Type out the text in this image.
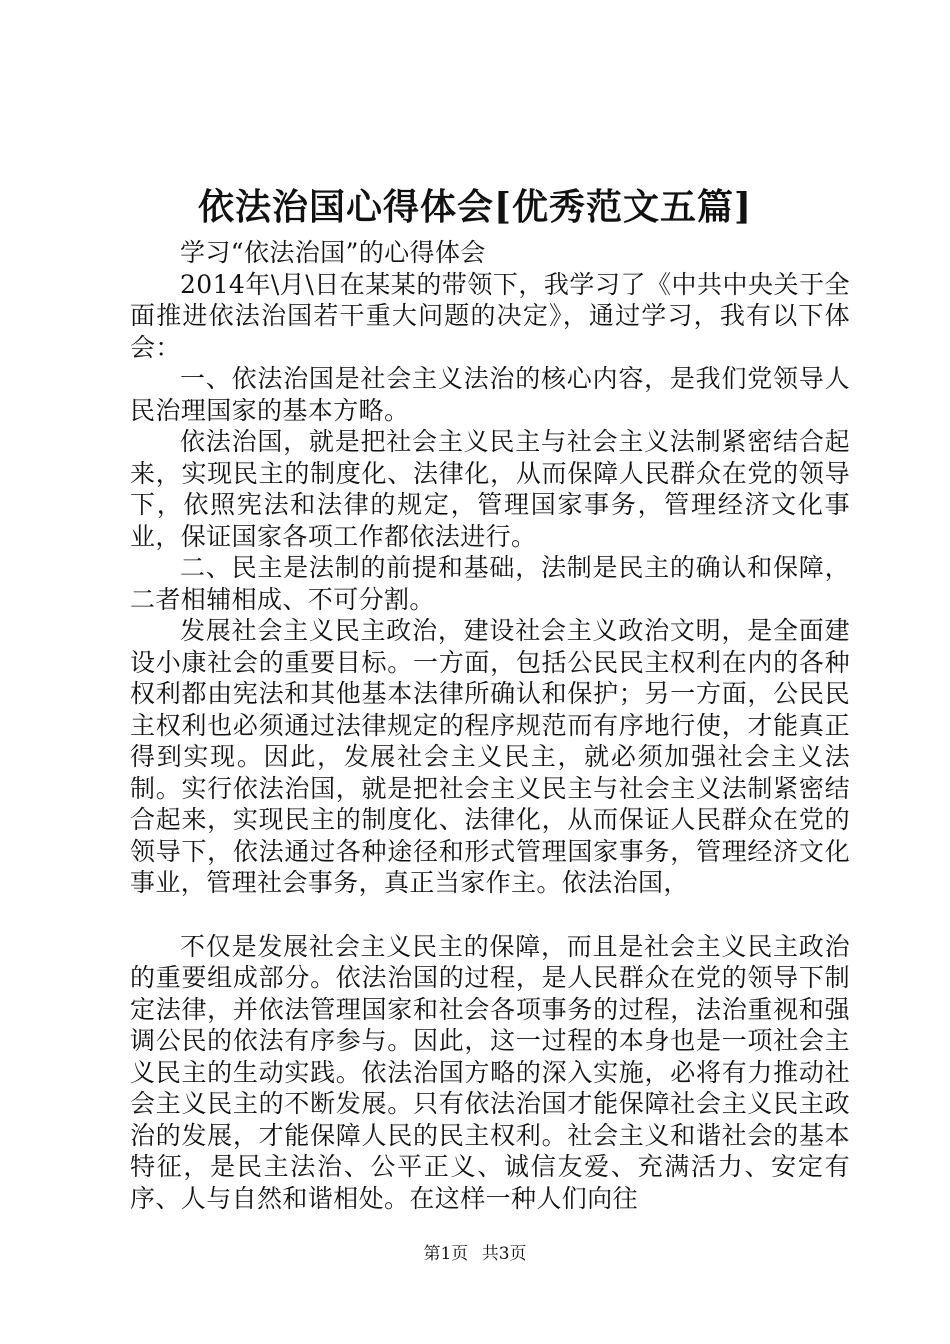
依法治国心得体会[优秀范文五篇]

学习“依法治国”的心得体会

2014年\月\日在某某的带领下，我学习了《中共中央关于全面推进依法治国若干重大问题的决定》，通过学习，我有以下体会：

一、依法治国是社会主义法治的核心内容，是我们党领导人民治理国家的基本方略。

依法治国，就是把社会主义民主与社会主义法制紧密结合起来，实现民主的制度化、法律化，从而保障人民群众在党的领导下，依照宪法和法律的规定，管理国家事务，管理经济文化事业，保证国家各项工作都依法进行。

二、民主是法制的前提和基础，法制是民主的确认和保障，二者相辅相成、不可分割。

发展社会主义民主政治，建设社会主义政治文明，是全面建设小康社会的重要目标。一方面，包括公民民主权利在内的各种权利都由宪法和其他基本法律所确认和保护；另一方面，公民民主权利也必须通过法律规定的程序规范而有序地行使，才能真正得到实现。因此，发展社会主义民主，就必须加强社会主义法制。实行依法治国，就是把社会主义民主与社会主义法制紧密结合起来，实现民主的制度化、法律化，从而保证人民群众在党的领导下，依法通过各种途径和形式管理国家事务，管理经济文化事业，管理社会事务，真正当家作主。依法治国，

不仅是发展社会主义民主的保障，而且是社会主义民主政治的重要组成部分。依法治国的过程，是人民群众在党的领导下制定法律，并依法管理国家和社会各项事务的过程，法治重视和强调公民的依法有序参与。因此，这一过程的本身也是一项社会主义民主的生动实践。依法治国方略的深入实施，必将有力推动社会主义民主的不断发展。只有依法治国才能保障社会主义民主政治的发展，才能保障人民的民主权利。社会主义和谐社会的基本特征，是民主法治、公平正义、诚信友爱、充满活力、安定有序、人与自然和谐相处。在这样一种人们向往

第1页 共3页
